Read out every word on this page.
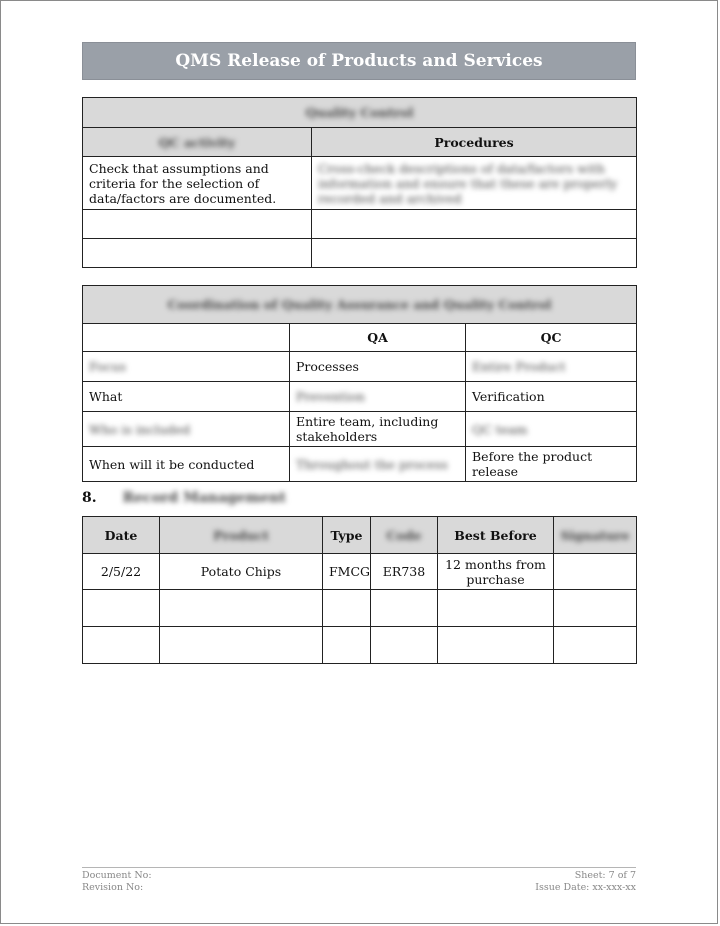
QMS Release of Products and Services
Quality Control	
QC activity	Procedures
Check that assumptions and criteria for the selection of data/factors are documented.	Cross-check descriptions of data/factors with information and ensure that these are properly recorded and archived

Coordination of Quality Assurance and Quality Control		
	QA	QC
Focus	Processes	Entire Product
What	Prevention	Verification
Who is included	Entire team, including stakeholders	QC team
When will it be conducted	Throughout the process	Before the product release
8. Record Management
Date	Product	Type	Code	Best Before	Signature
2/5/22	Potato Chips	FMCG	ER738	12 months from purchase	

Document No:
Revision No:
Sheet: 7 of 7
Issue Date: xx-xxx-xx
